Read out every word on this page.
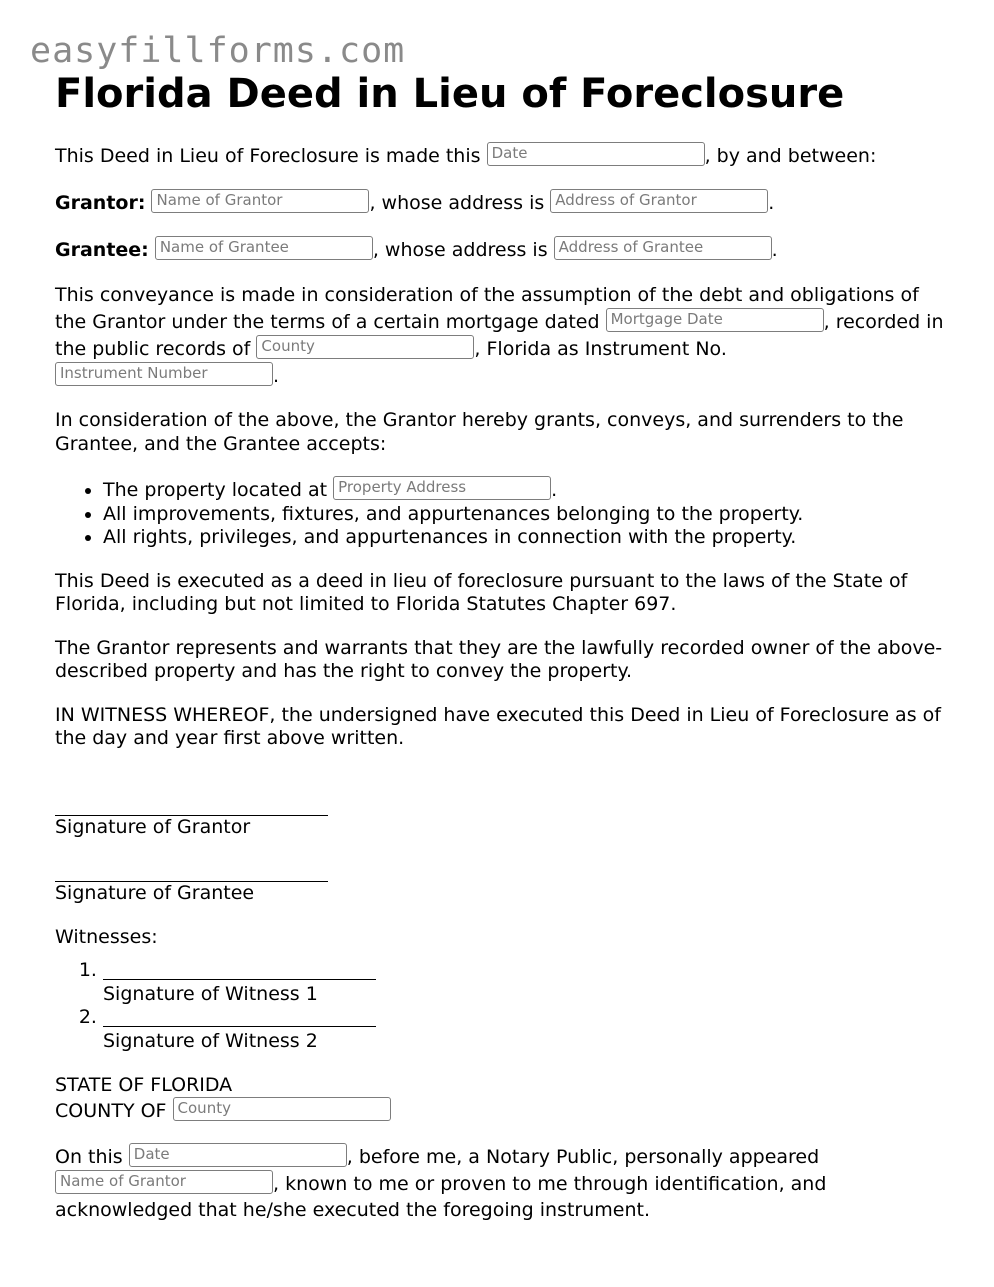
easyfillforms.com
Florida Deed in Lieu of Foreclosure

This Deed in Lieu of Foreclosure is made this Date	, by and between:

Grantor: Name of Grantor	, whose address is Address of Grantor	.

Grantee: Name of Grantee	, whose address is Address of Grantee	.

This conveyance is made in consideration of the assumption of the debt and obligations of the Grantor under the terms of a certain mortgage dated Mortgage Date	, recorded in the public records of County	, Florida as Instrument No. Instrument Number	.

In consideration of the above, the Grantor hereby grants, conveys, and surrenders to the Grantee, and the Grantee accepts:

• The property located at Property Address	.
• All improvements, fixtures, and appurtenances belonging to the property.
• All rights, privileges, and appurtenances in connection with the property.

This Deed is executed as a deed in lieu of foreclosure pursuant to the laws of the State of Florida, including but not limited to Florida Statutes Chapter 697.

The Grantor represents and warrants that they are the lawfully recorded owner of the above-described property and has the right to convey the property.

IN WITNESS WHEREOF, the undersigned have executed this Deed in Lieu of Foreclosure as of the day and year first above written.

Signature of Grantor
Signature of Grantee

Witnesses:

1. Signature of Witness 1

2. Signature of Witness 2
STATE OF FLORIDA
COUNTY OF County

On this Date	, before me, a Notary Public, personally appeared Name of Grantor	, known to me or proven to me through identification, and acknowledged that he/she executed the foregoing instrument.
